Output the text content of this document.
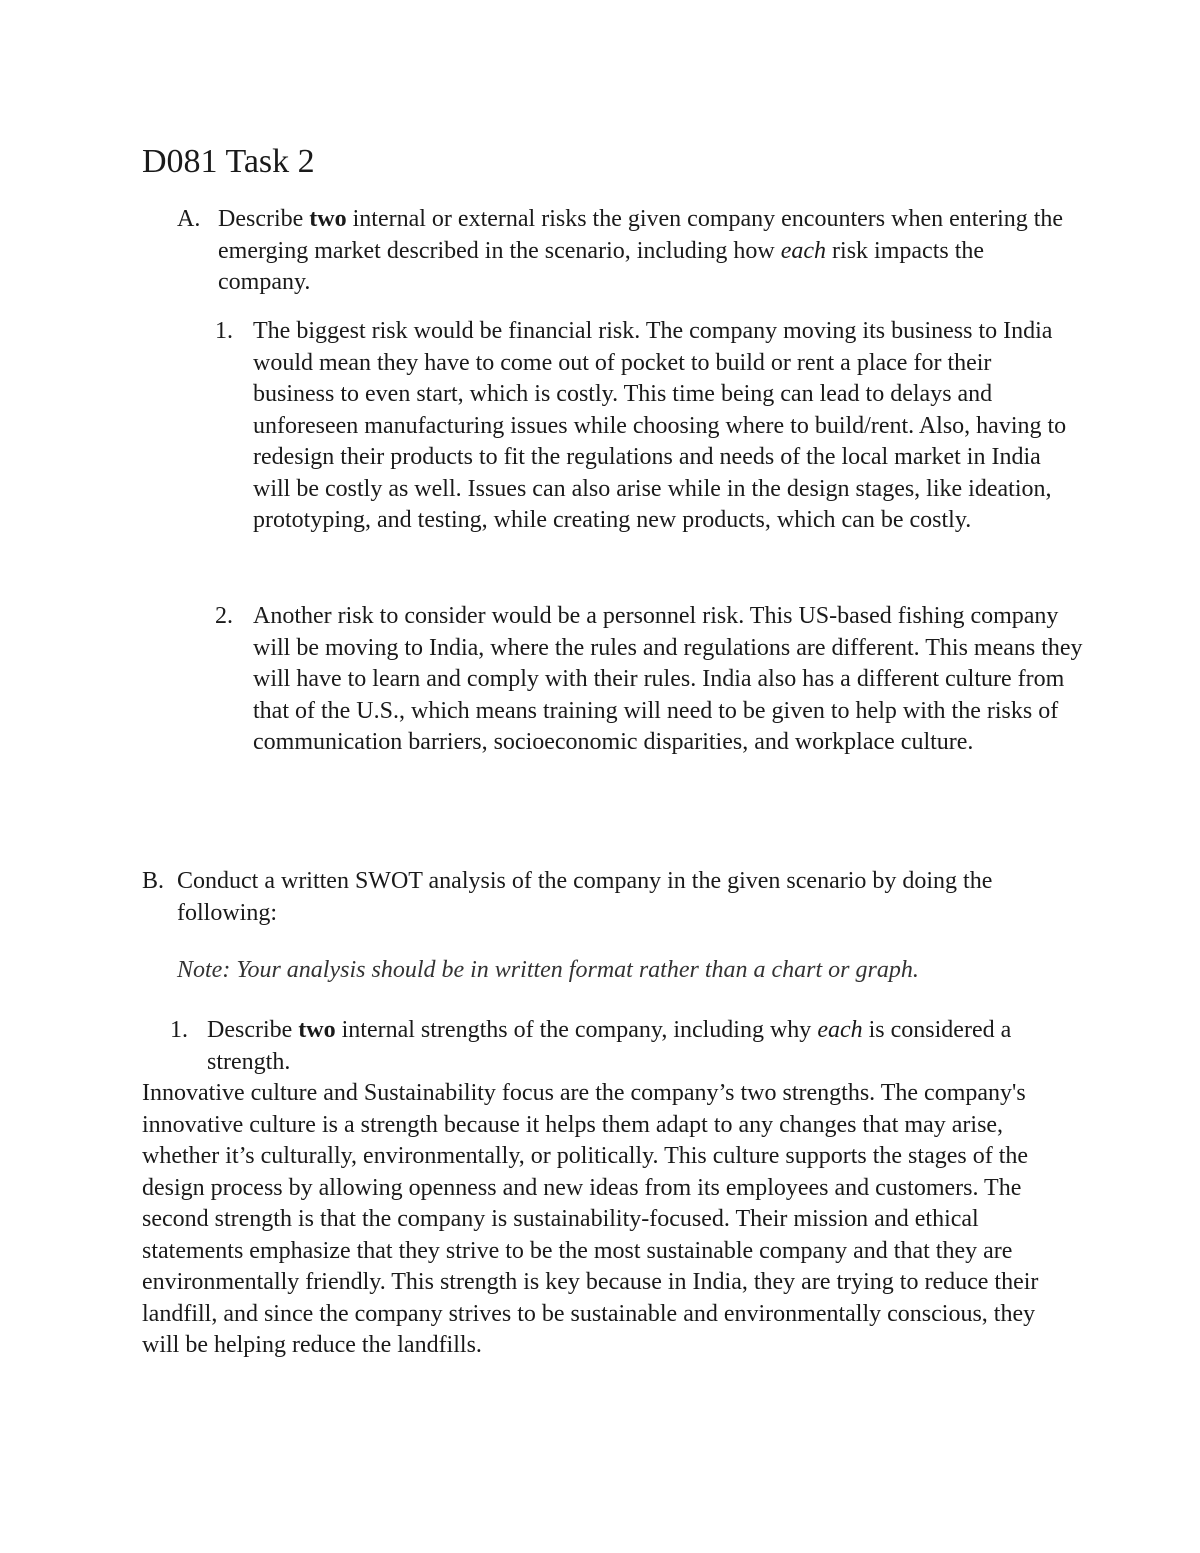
D081 Task 2
A. Describe two internal or external risks the given company encounters when entering the emerging market described in the scenario, including how each risk impacts the company.

1. The biggest risk would be financial risk. The company moving its business to India would mean they have to come out of pocket to build or rent a place for their business to even start, which is costly. This time being can lead to delays and unforeseen manufacturing issues while choosing where to build/rent. Also, having to redesign their products to fit the regulations and needs of the local market in India will be costly as well. Issues can also arise while in the design stages, like ideation, prototyping, and testing, while creating new products, which can be costly.

2. Another risk to consider would be a personnel risk. This US-based fishing company will be moving to India, where the rules and regulations are different. This means they will have to learn and comply with their rules. India also has a different culture from that of the U.S., which means training will need to be given to help with the risks of communication barriers, socioeconomic disparities, and workplace culture.

B. Conduct a written SWOT analysis of the company in the given scenario by doing the following:

Note: Your analysis should be in written format rather than a chart or graph.

1. Describe two internal strengths of the company, including why each is considered a strength.

Innovative culture and Sustainability focus are the company’s two strengths. The company's innovative culture is a strength because it helps them adapt to any changes that may arise, whether it’s culturally, environmentally, or politically. This culture supports the stages of the design process by allowing openness and new ideas from its employees and customers. The second strength is that the company is sustainability-focused. Their mission and ethical statements emphasize that they strive to be the most sustainable company and that they are environmentally friendly. This strength is key because in India, they are trying to reduce their landfill, and since the company strives to be sustainable and environmentally conscious, they will be helping reduce the landfills.
